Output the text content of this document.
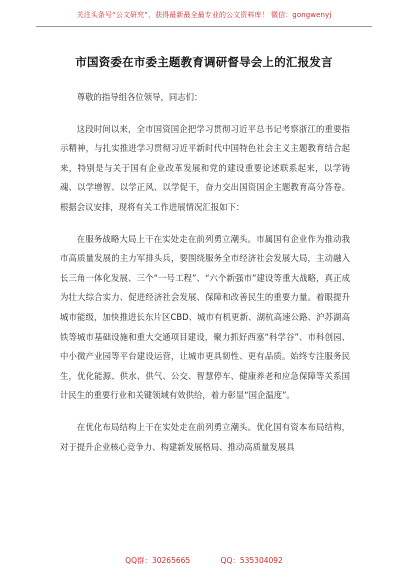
关注头条号“公文研究”，获得最新最全最专业的公文资料库！ 微信：gongwenyj
市国资委在市委主题教育调研督导会上的汇报发言

尊敬的指导组各位领导，同志们：

这段时间以来，全市国资国企把学习贯彻习近平总书记考察浙江的重要指示精神，与扎实推进学习贯彻习近平新时代中国特色社会主义主题教育结合起来，特别是与关于国有企业改革发展和党的建设重要论述联系起来，以学铸魂、以学增智、以学正风、以学促干，奋力交出国资国企主题教育高分答卷。根据会议安排，现将有关工作进展情况汇报如下：

在服务战略大局上干在实处走在前列勇立潮头。市属国有企业作为推动我市高质量发展的主力军排头兵，要围绕服务全市经济社会发展大局，主动融入长三角一体化发展、三个“一号工程”、“六个新强市”建设等重大战略，真正成为壮大综合实力、促进经济社会发展、保障和改善民生的重要力量。着眼提升城市能级，加快推进长东片区CBD、城市有机更新、湖杭高速公路、沪苏湖高铁等城市基础设施和重大交通项目建设，聚力抓好西塞“科学谷”、市科创园、中小微产业园等平台建设运营，让城市更具韧性、更有品质。始终专注服务民生，优化能源、供水、供气、公交、智慧停车、健康养老和应急保障等关系国计民生的重要行业和关键领域有效供给，着力彰显“国企温度”。

在优化布局结构上干在实处走在前列勇立潮头。优化国有资本布局结构，对于提升企业核心竞争力、构建新发展格局、推动高质量发展具

QQ群：30265665	QQ：535304092
